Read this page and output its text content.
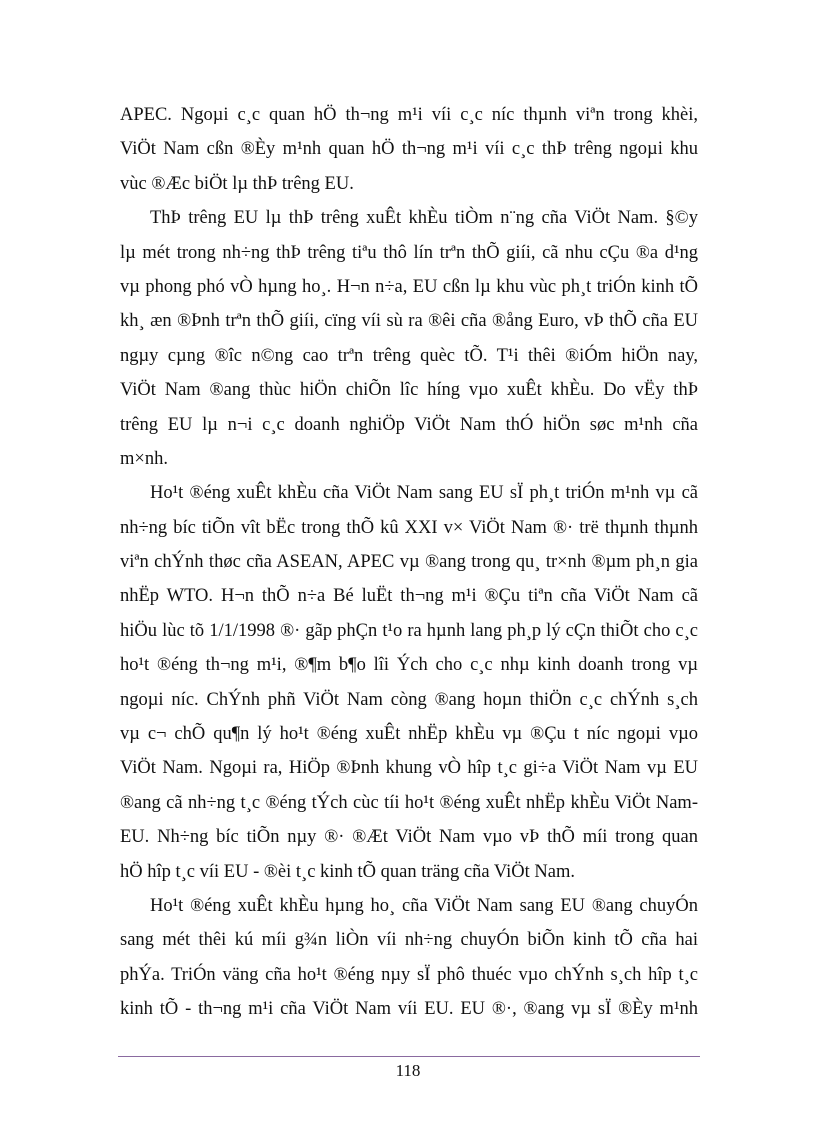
APEC. Ngoµi c¸c quan hÖ th¬ng m¹i víi c¸c níc thµnh viªn trong khèi,
ViÖt Nam cßn ®Èy m¹nh quan hÖ th¬ng m¹i víi c¸c thÞ trêng ngoµi khu
vùc ®Æc biÖt lµ thÞ trêng EU.
ThÞ trêng EU lµ thÞ trêng xuÊt khÈu tiÒm n¨ng cña ViÖt Nam. §©y
lµ mét trong nh÷ng thÞ trêng tiªu thô lín trªn thÕ giíi, cã nhu cÇu ®a d¹ng
vµ phong phó vÒ hµng ho¸. H¬n n÷a, EU cßn lµ khu vùc ph¸t triÓn kinh tÕ
kh¸ æn ®Þnh trªn thÕ giíi, cïng víi sù ra ®êi cña ®ång Euro, vÞ thÕ cña EU
ngµy cµng ®îc n©ng cao trªn trêng quèc tÕ. T¹i thêi ®iÓm hiÖn nay,
ViÖt Nam ®ang thùc hiÖn chiÕn lîc híng vµo xuÊt khÈu. Do vËy thÞ
trêng EU lµ n¬i c¸c doanh nghiÖp ViÖt Nam thÓ hiÖn søc m¹nh cña
m×nh.
Ho¹t ®éng xuÊt khÈu cña ViÖt Nam sang EU sÏ ph¸t triÓn m¹nh vµ cã
nh÷ng bíc tiÕn vît bËc trong thÕ kû XXI v× ViÖt Nam ®· trë thµnh thµnh
viªn chÝnh thøc cña ASEAN, APEC vµ ®ang trong qu¸ tr×nh ®µm ph¸n gia
nhËp WTO. H¬n thÕ n÷a Bé luËt th¬ng m¹i ®Çu tiªn cña ViÖt Nam cã
hiÖu lùc tõ 1/1/1998 ®· gãp phÇn t¹o ra hµnh lang ph¸p lý cÇn thiÕt cho c¸c
ho¹t ®éng th¬ng m¹i, ®¶m b¶o lîi Ých cho c¸c nhµ kinh doanh trong vµ
ngoµi níc. ChÝnh phñ ViÖt Nam còng ®ang hoµn thiÖn c¸c chÝnh s¸ch
vµ c¬ chÕ qu¶n lý ho¹t ®éng xuÊt nhËp khÈu vµ ®Çu t níc ngoµi vµo
ViÖt Nam. Ngoµi ra, HiÖp ®Þnh khung vÒ hîp t¸c gi÷a ViÖt Nam vµ EU
®ang cã nh÷ng t¸c ®éng tÝch cùc tíi ho¹t ®éng xuÊt nhËp khÈu ViÖt Nam-
EU. Nh÷ng bíc tiÕn nµy ®· ®Æt ViÖt Nam vµo vÞ thÕ míi trong quan
hÖ hîp t¸c víi EU - ®èi t¸c kinh tÕ quan träng cña ViÖt Nam.
Ho¹t ®éng xuÊt khÈu hµng ho¸ cña ViÖt Nam sang EU ®ang chuyÓn
sang mét thêi kú míi g¾n liÒn víi nh÷ng chuyÓn biÕn kinh tÕ cña hai
phÝa. TriÓn väng cña ho¹t ®éng nµy sÏ phô thuéc vµo chÝnh s¸ch hîp t¸c
kinh tÕ - th¬ng m¹i cña ViÖt Nam víi EU. EU ®·, ®ang vµ sÏ ®Èy m¹nh
118
